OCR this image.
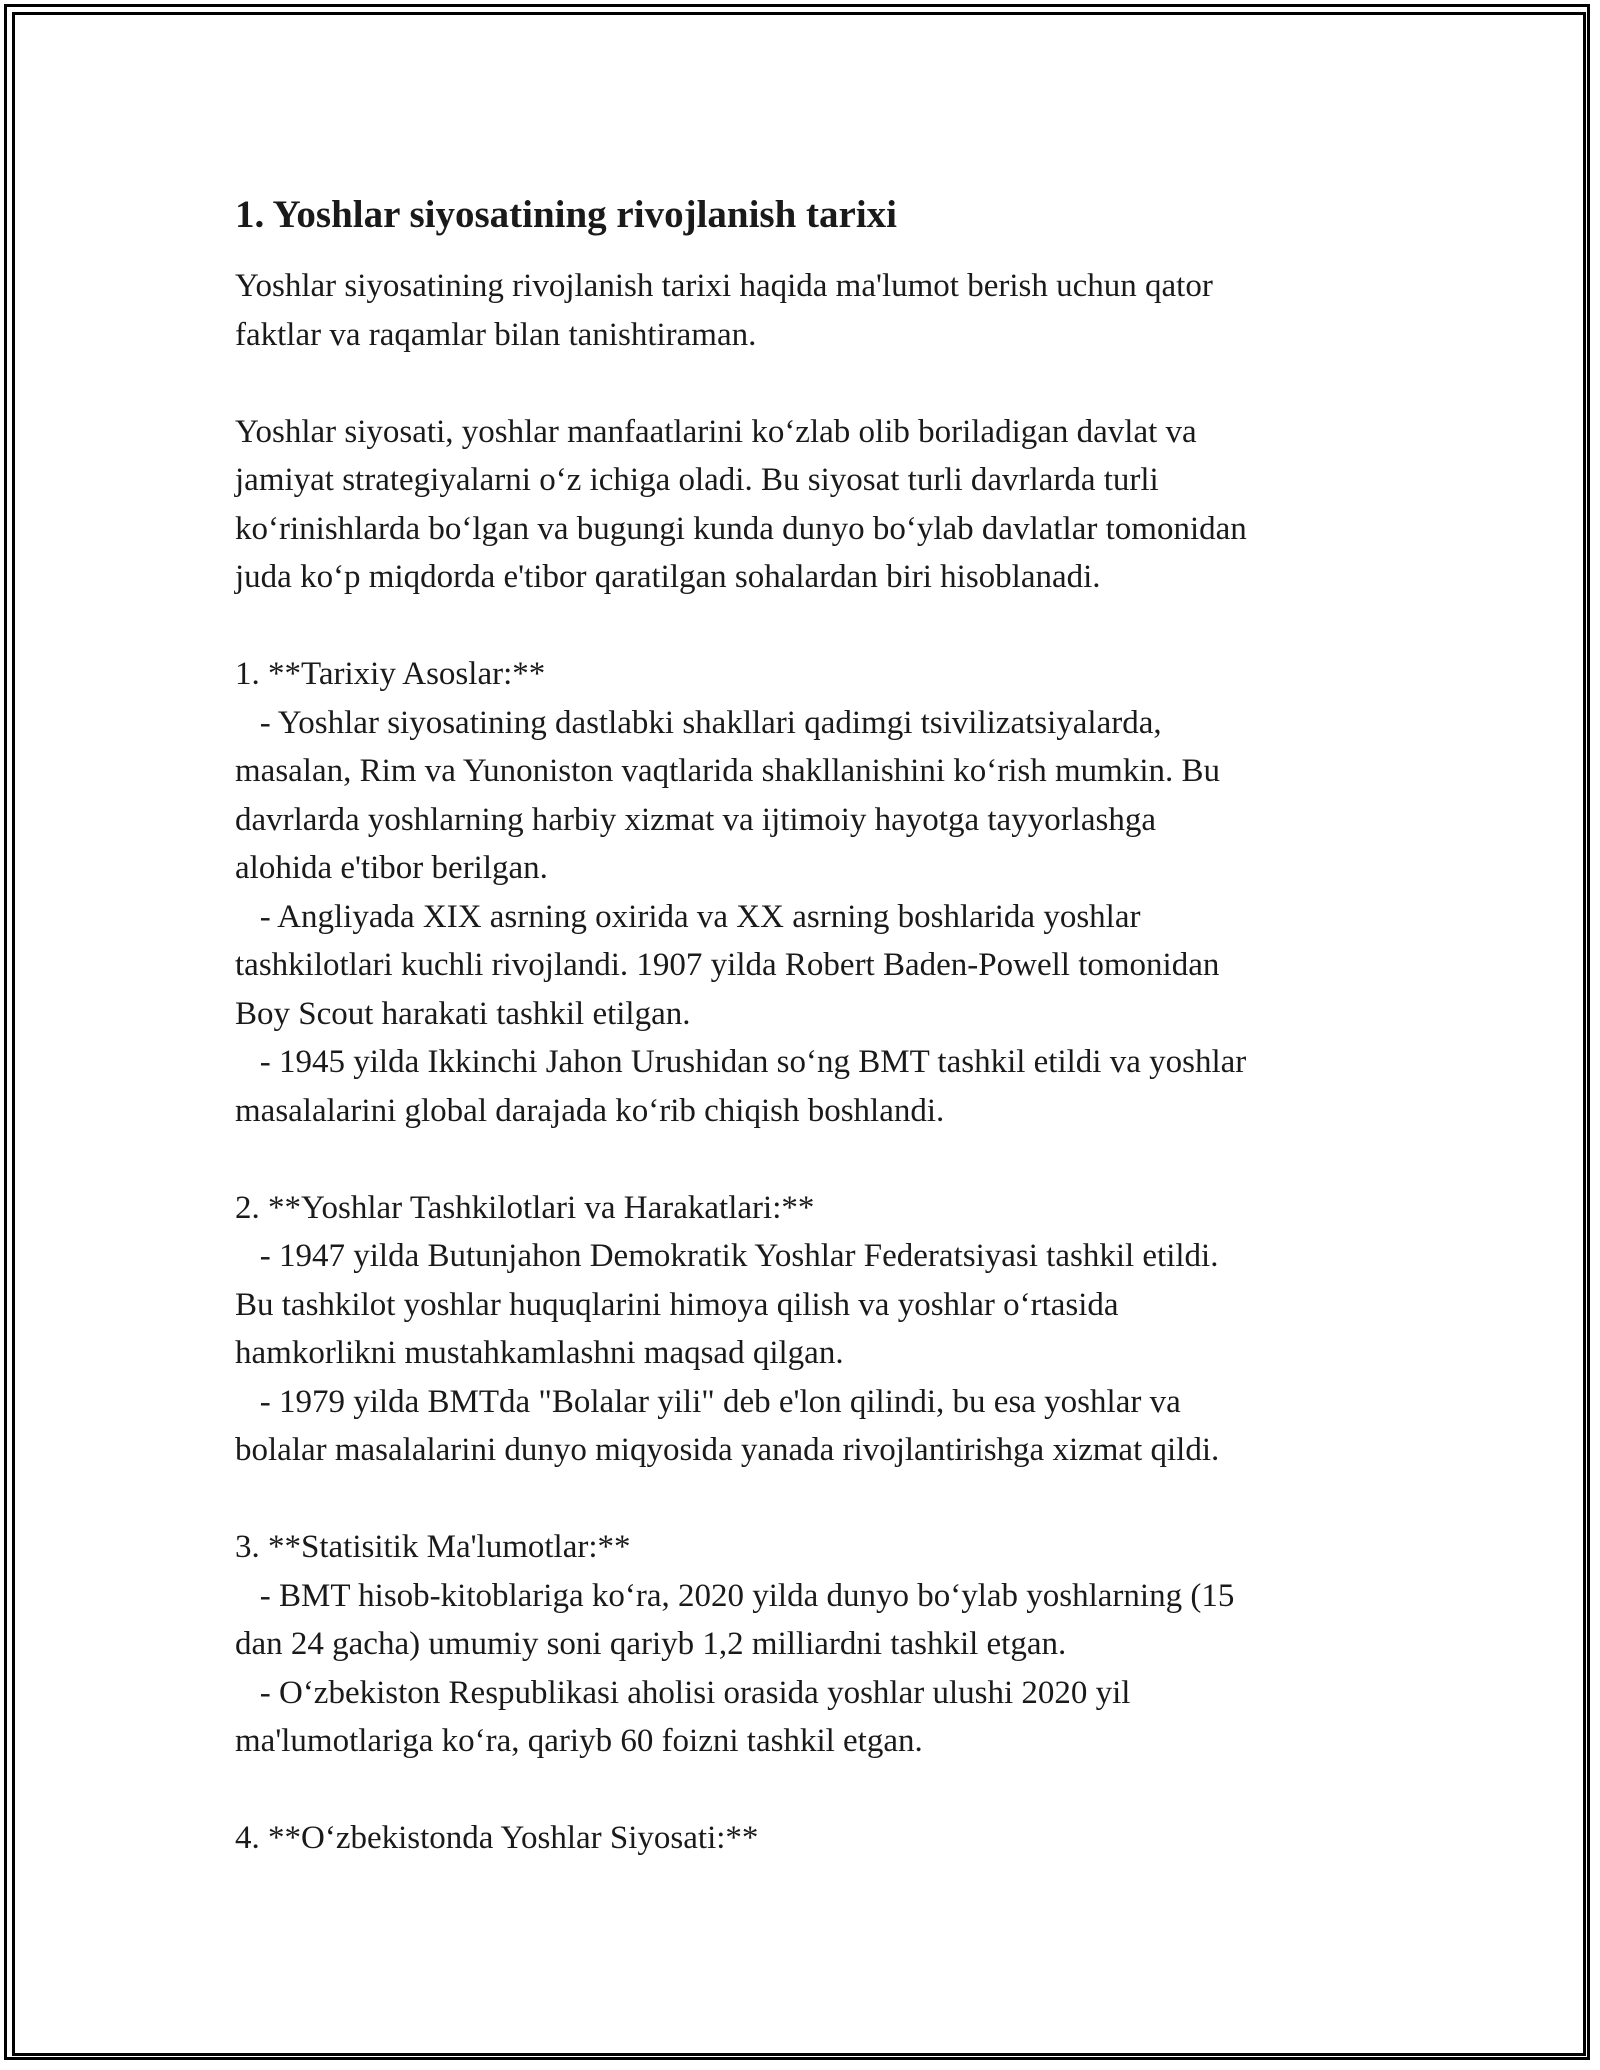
1. Yoshlar siyosatining rivojlanish tarixi

Yoshlar siyosatining rivojlanish tarixi haqida ma'lumot berish uchun qator

faktlar va raqamlar bilan tanishtiraman.

Yoshlar siyosati, yoshlar manfaatlarini koʻzlab olib boriladigan davlat va

jamiyat strategiyalarni oʻz ichiga oladi. Bu siyosat turli davrlarda turli

koʻrinishlarda boʻlgan va bugungi kunda dunyo boʻylab davlatlar tomonidan

juda koʻp miqdorda e'tibor qaratilgan sohalardan biri hisoblanadi.

1. **Tarixiy Asoslar:**

- Yoshlar siyosatining dastlabki shakllari qadimgi tsivilizatsiyalarda,

masalan, Rim va Yunoniston vaqtlarida shakllanishini koʻrish mumkin. Bu

davrlarda yoshlarning harbiy xizmat va ijtimoiy hayotga tayyorlashga

alohida e'tibor berilgan.

- Angliyada XIX asrning oxirida va XX asrning boshlarida yoshlar

tashkilotlari kuchli rivojlandi. 1907 yilda Robert Baden-Powell tomonidan

Boy Scout harakati tashkil etilgan.

- 1945 yilda Ikkinchi Jahon Urushidan soʻng BMT tashkil etildi va yoshlar

masalalarini global darajada koʻrib chiqish boshlandi.

2. **Yoshlar Tashkilotlari va Harakatlari:**

- 1947 yilda Butunjahon Demokratik Yoshlar Federatsiyasi tashkil etildi.

Bu tashkilot yoshlar huquqlarini himoya qilish va yoshlar oʻrtasida

hamkorlikni mustahkamlashni maqsad qilgan.

- 1979 yilda BMTda "Bolalar yili" deb e'lon qilindi, bu esa yoshlar va

bolalar masalalarini dunyo miqyosida yanada rivojlantirishga xizmat qildi.

3. **Statisitik Ma'lumotlar:**

- BMT hisob-kitoblariga koʻra, 2020 yilda dunyo boʻylab yoshlarning (15

dan 24 gacha) umumiy soni qariyb 1,2 milliardni tashkil etgan.

- Oʻzbekiston Respublikasi aholisi orasida yoshlar ulushi 2020 yil

ma'lumotlariga koʻra, qariyb 60 foizni tashkil etgan.

4. **Oʻzbekistonda Yoshlar Siyosati:**
